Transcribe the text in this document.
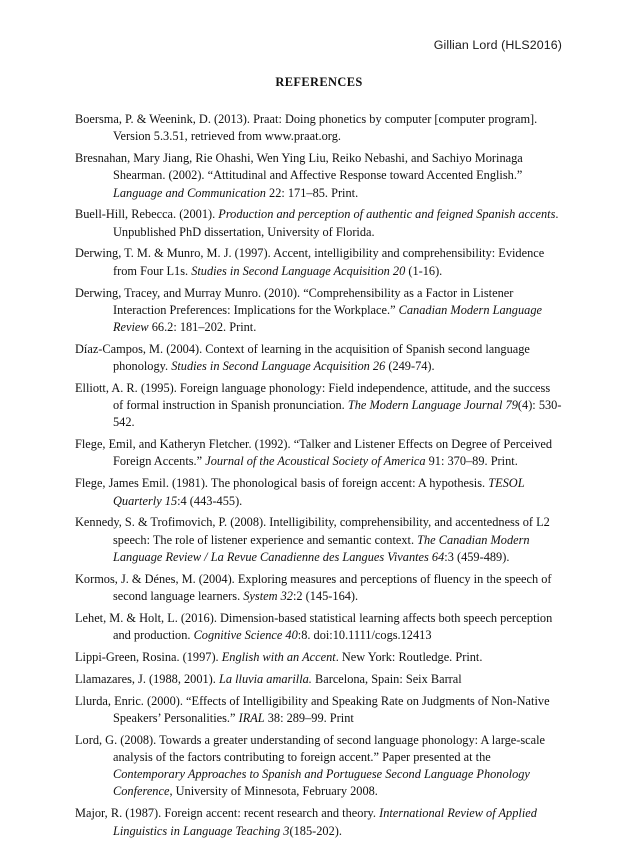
Gillian Lord (HLS2016)
REFERENCES
Boersma, P. & Weenink, D. (2013). Praat: Doing phonetics by computer [computer program]. Version 5.3.51, retrieved from www.praat.org.
Bresnahan, Mary Jiang, Rie Ohashi, Wen Ying Liu, Reiko Nebashi, and Sachiyo Morinaga Shearman. (2002). “Attitudinal and Affective Response toward Accented English.” Language and Communication 22: 171–85. Print.
Buell-Hill, Rebecca. (2001). Production and perception of authentic and feigned Spanish accents. Unpublished PhD dissertation, University of Florida.
Derwing, T. M. & Munro, M. J. (1997). Accent, intelligibility and comprehensibility: Evidence from Four L1s. Studies in Second Language Acquisition 20 (1-16).
Derwing, Tracey, and Murray Munro. (2010). “Comprehensibility as a Factor in Listener Interaction Preferences: Implications for the Workplace.” Canadian Modern Language Review 66.2: 181–202. Print.
Díaz-Campos, M. (2004). Context of learning in the acquisition of Spanish second language phonology. Studies in Second Language Acquisition 26 (249-74).
Elliott, A. R. (1995). Foreign language phonology: Field independence, attitude, and the success of formal instruction in Spanish pronunciation. The Modern Language Journal 79(4): 530-542.
Flege, Emil, and Katheryn Fletcher. (1992). “Talker and Listener Effects on Degree of Perceived Foreign Accents.” Journal of the Acoustical Society of America 91: 370–89. Print.
Flege, James Emil. (1981). The phonological basis of foreign accent: A hypothesis. TESOL Quarterly 15:4 (443-455).
Kennedy, S. & Trofimovich, P. (2008). Intelligibility, comprehensibility, and accentedness of L2 speech: The role of listener experience and semantic context. The Canadian Modern Language Review / La Revue Canadienne des Langues Vivantes 64:3 (459-489).
Kormos, J. & Dénes, M. (2004). Exploring measures and perceptions of fluency in the speech of second language learners. System 32:2 (145-164).
Lehet, M. & Holt, L. (2016). Dimension-based statistical learning affects both speech perception and production. Cognitive Science 40:8. doi:10.1111/cogs.12413
Lippi-Green, Rosina. (1997). English with an Accent. New York: Routledge. Print.
Llamazares, J. (1988, 2001). La lluvia amarilla. Barcelona, Spain: Seix Barral
Llurda, Enric. (2000). “Effects of Intelligibility and Speaking Rate on Judgments of Non-Native Speakers’ Personalities.” IRAL 38: 289–99. Print
Lord, G. (2008). Towards a greater understanding of second language phonology: A large-scale analysis of the factors contributing to foreign accent.” Paper presented at the Contemporary Approaches to Spanish and Portuguese Second Language Phonology Conference, University of Minnesota, February 2008.
Major, R. (1987). Foreign accent: recent research and theory. International Review of Applied Linguistics in Language Teaching 3(185-202).
